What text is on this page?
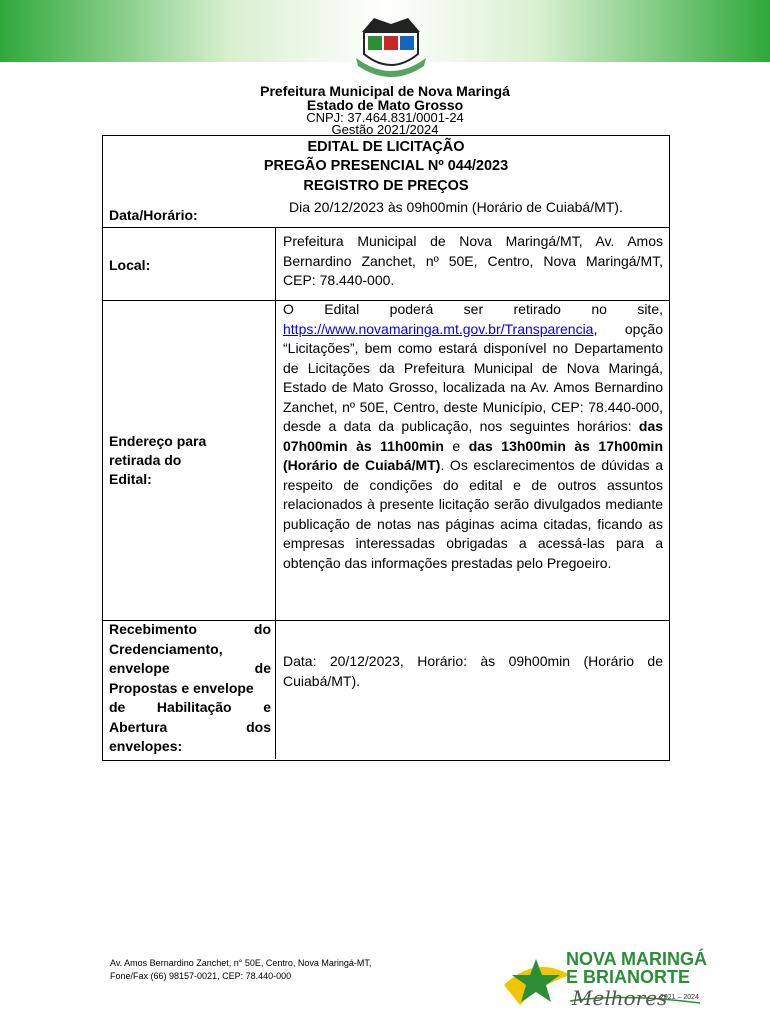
Prefeitura Municipal de Nova Maringá
Estado de Mato Grosso
CNPJ: 37.464.831/0001-24
Gestão 2021/2024
EDITAL DE LICITAÇÃO
PREGÃO PRESENCIAL Nº 044/2023
REGISTRO DE PREÇOS
Data/Horário:	Dia 20/12/2023 às 09h00min (Horário de Cuiabá/MT).
Local:
Prefeitura Municipal de Nova Maringá/MT, Av. Amos Bernardino Zanchet, nº 50E, Centro, Nova Maringá/MT, CEP: 78.440-000.
Endereço para
retirada do
Edital:
O Edital poderá ser retirado no site, https://www.novamaringa.mt.gov.br/Transparencia, opção “Licitações”, bem como estará disponível no Departamento de Licitações da Prefeitura Municipal de Nova Maringá, Estado de Mato Grosso, localizada na Av. Amos Bernardino Zanchet, nº 50E, Centro, deste Município, CEP: 78.440-000, desde a data da publicação, nos seguintes horários: das 07h00min às 11h00min e das 13h00min às 17h00min (Horário de Cuiabá/MT). Os esclarecimentos de dúvidas a respeito de condições do edital e de outros assuntos relacionados à presente licitação serão divulgados mediante publicação de notas nas páginas acima citadas, ficando as empresas interessadas obrigadas a acessá-las para a obtenção das informações prestadas pelo Pregoeiro.
Recebimento	do
Credenciamento,
envelope	de
Propostas e envelope
de Habilitação e
Abertura	dos
envelopes:
Data: 20/12/2023, Horário: às 09h00min (Horário de Cuiabá/MT).
Av. Amos Bernardino Zanchet, n° 50E, Centro, Nova Maringá-MT,
Fone/Fax (66) 98157-0021, CEP: 78.440-000
NOVA MARINGÁ
E BRIANORTE
Melhores
2021 – 2024
